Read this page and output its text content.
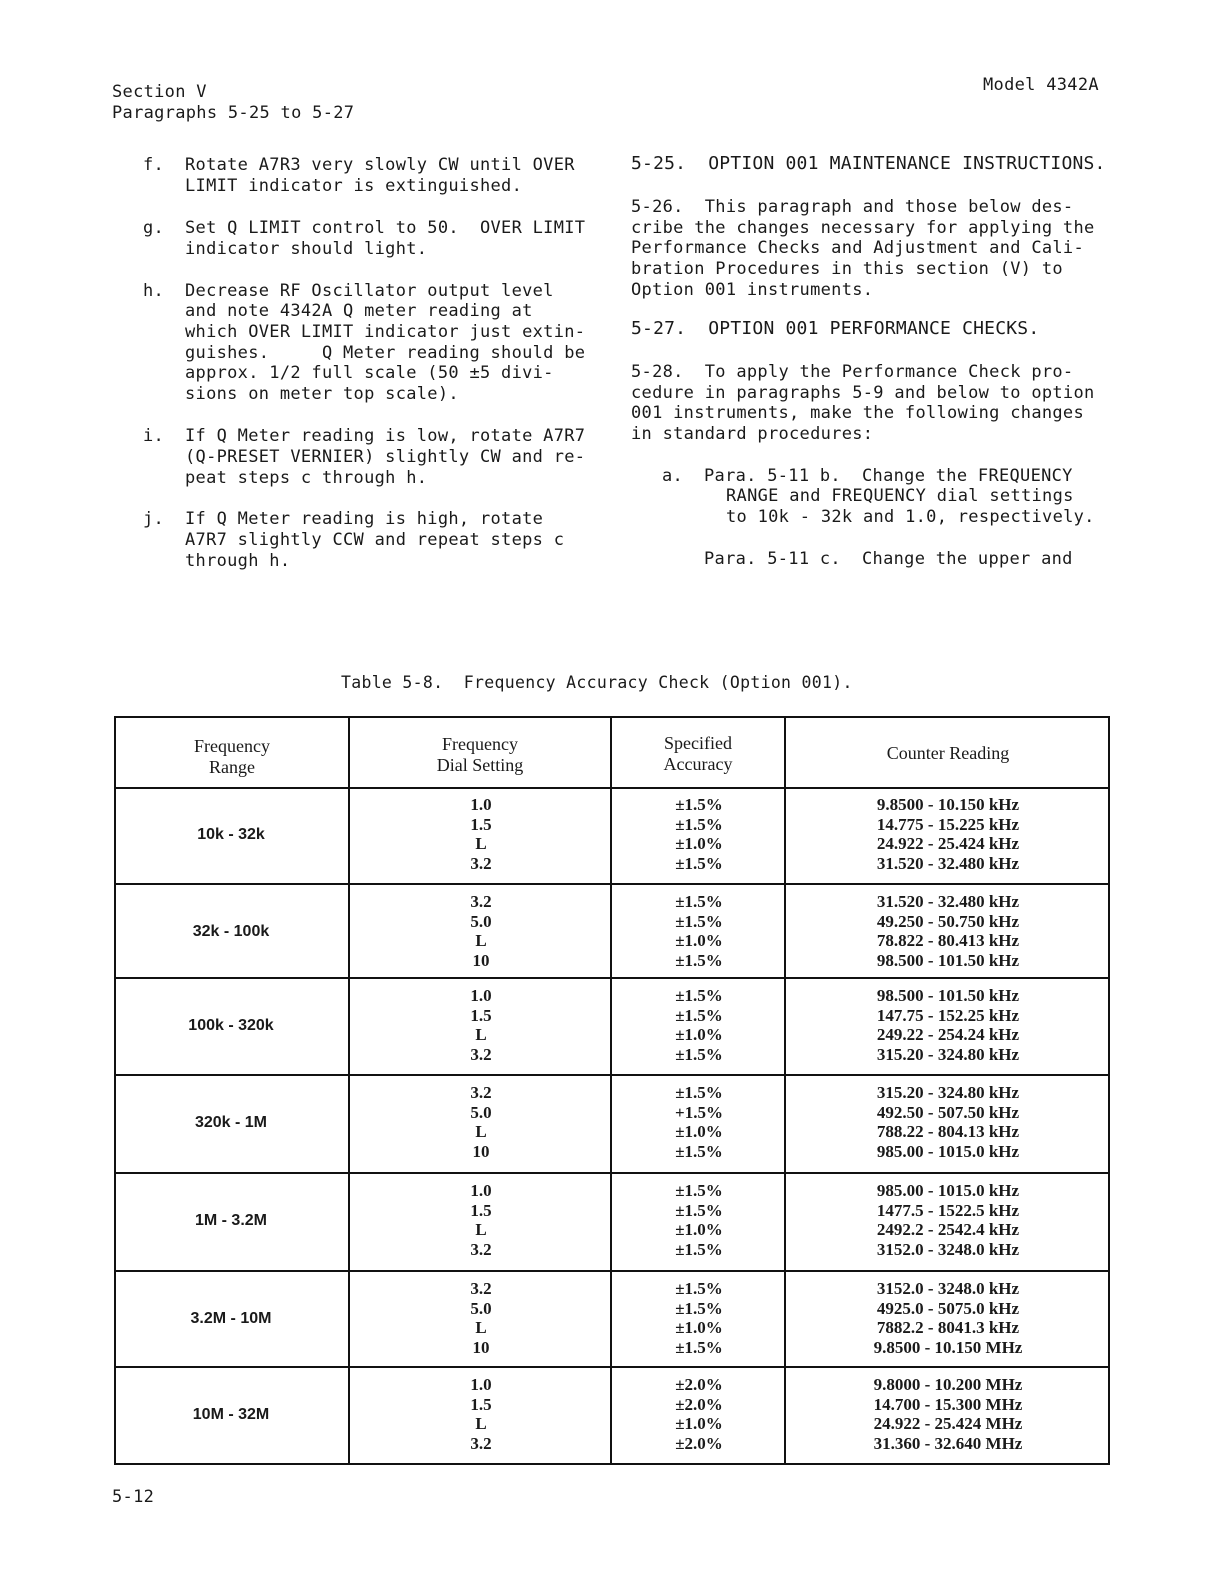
Section V
Paragraphs 5-25 to 5-27
Model 4342A
f. Rotate A7R3 very slowly CW until OVER
LIMIT indicator is extinguished.
g. Set Q LIMIT control to 50.  OVER LIMIT
indicator should light.
h. Decrease RF Oscillator output level
and note 4342A Q meter reading at
which OVER LIMIT indicator just extin-
guishes.     Q Meter reading should be
approx. 1/2 full scale (50 ±5 divi-
sions on meter top scale).
i. If Q Meter reading is low, rotate A7R7
(Q-PRESET VERNIER) slightly CW and re-
peat steps c through h.
j. If Q Meter reading is high, rotate
A7R7 slightly CCW and repeat steps c
through h.
5-25.  OPTION 001 MAINTENANCE INSTRUCTIONS.
5-26.  This paragraph and those below des-
cribe the changes necessary for applying the
Performance Checks and Adjustment and Cali-
bration Procedures in this section (V) to
Option 001 instruments.
5-27.  OPTION 001 PERFORMANCE CHECKS.
5-28.  To apply the Performance Check pro-
cedure in paragraphs 5-9 and below to option
001 instruments, make the following changes
in standard procedures:
a. Para. 5-11 b.  Change the FREQUENCY
RANGE and FREQUENCY dial settings
to 10k - 32k and 1.0, respectively.
Para. 5-11 c.  Change the upper and
Table 5-8.  Frequency Accuracy Check (Option 001).
Frequency
Range
Frequency
Dial Setting
Specified
Accuracy
Counter Reading
10k - 32k
1.0
1.5
L
3.2
±1.5%
±1.5%
±1.0%
±1.5%
9.8500 - 10.150 kHz
14.775 - 15.225 kHz
24.922 - 25.424 kHz
31.520 - 32.480 kHz
32k - 100k
3.2
5.0
L
10
±1.5%
±1.5%
±1.0%
±1.5%
31.520 - 32.480 kHz
49.250 - 50.750 kHz
78.822 - 80.413 kHz
98.500 - 101.50 kHz
100k - 320k
1.0
1.5
L
3.2
±1.5%
±1.5%
±1.0%
±1.5%
98.500 - 101.50 kHz
147.75 - 152.25 kHz
249.22 - 254.24 kHz
315.20 - 324.80 kHz
320k - 1M
3.2
5.0
L
10
±1.5%
+1.5%
±1.0%
±1.5%
315.20 - 324.80 kHz
492.50 - 507.50 kHz
788.22 - 804.13 kHz
985.00 - 1015.0 kHz
1M - 3.2M
1.0
1.5
L
3.2
±1.5%
±1.5%
±1.0%
±1.5%
985.00 - 1015.0 kHz
1477.5 - 1522.5 kHz
2492.2 - 2542.4 kHz
3152.0 - 3248.0 kHz
3.2M - 10M
3.2
5.0
L
10
±1.5%
±1.5%
±1.0%
±1.5%
3152.0 - 3248.0 kHz
4925.0 - 5075.0 kHz
7882.2 - 8041.3 kHz
9.8500 - 10.150 MHz
10M - 32M
1.0
1.5
L
3.2
±2.0%
±2.0%
±1.0%
±2.0%
9.8000 - 10.200 MHz
14.700 - 15.300 MHz
24.922 - 25.424 MHz
31.360 - 32.640 MHz
5-12
